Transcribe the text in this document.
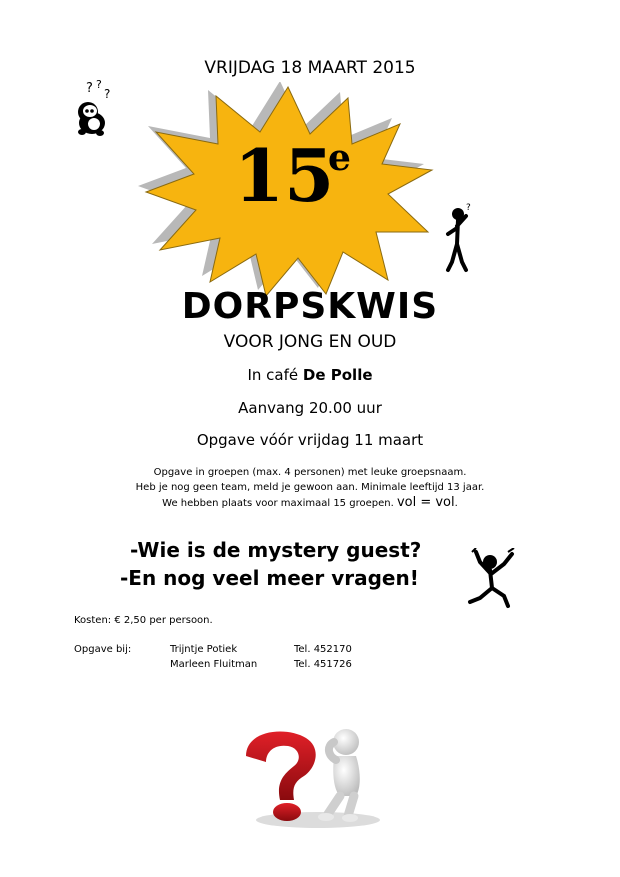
VRIJDAG 18 MAART 2015
? ?
?
15
e
?
DORPSKWIS
VOOR JONG EN OUD
In café De Polle
Aanvang 20.00 uur
Opgave vóór vrijdag 11 maart
Opgave in groepen (max. 4 personen) met leuke groepsnaam.
Heb je nog geen team, meld je gewoon aan. Minimale leeftijd 13 jaar.
We hebben plaats voor maximaal 15 groepen. vol = vol.
-Wie is de mystery guest?
-En nog veel meer vragen!
Kosten: € 2,50 per persoon.
Opgave bij:	Trijntje Potiek
Marleen Fluitman
Tel. 452170
Tel. 451726
